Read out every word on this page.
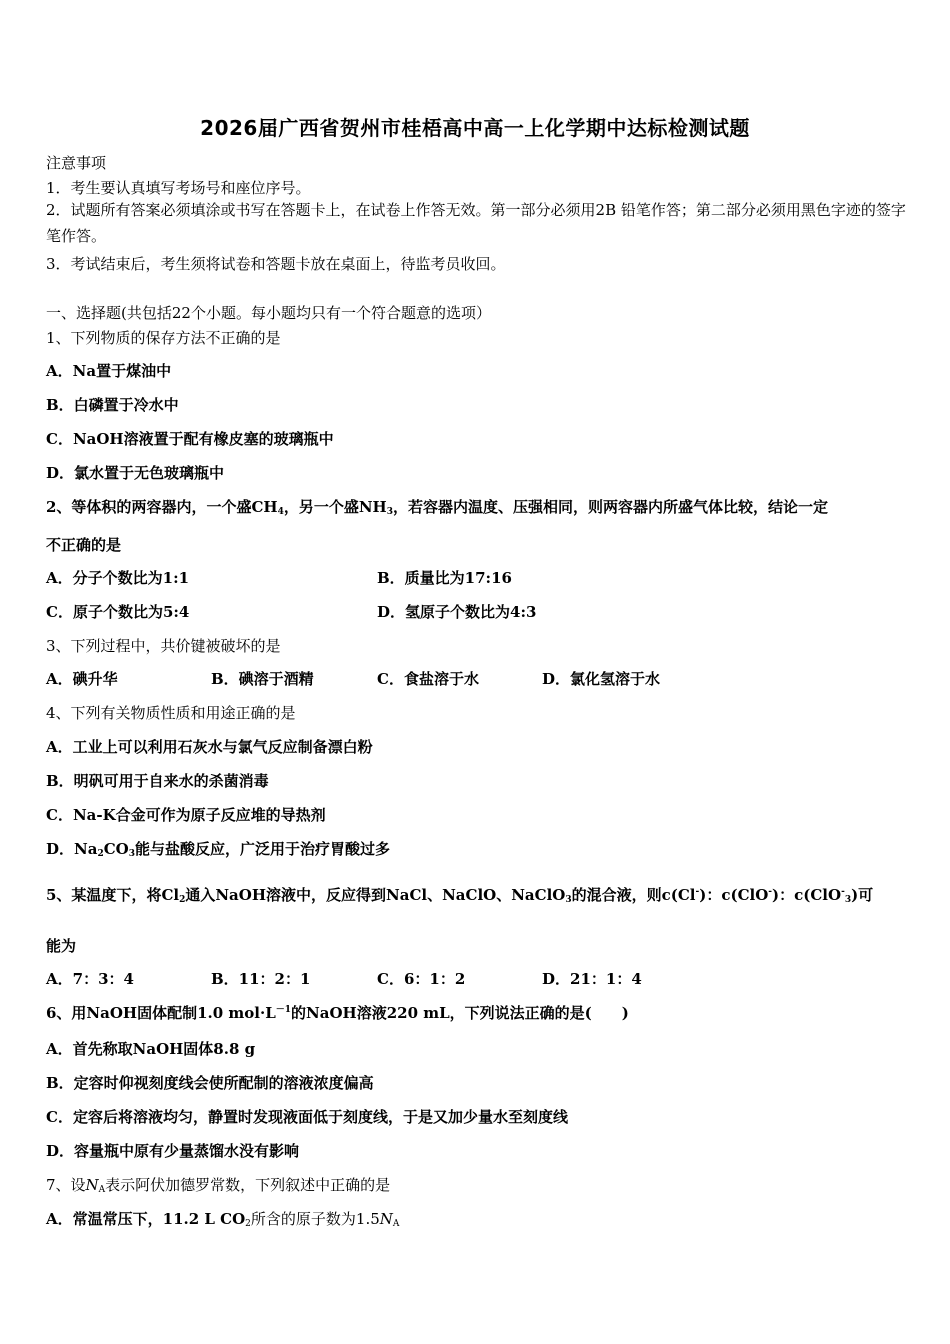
2026届广西省贺州市桂梧高中高一上化学期中达标检测试题
注意事项
1．考生要认真填写考场号和座位序号。
2．试题所有答案必须填涂或书写在答题卡上，在试卷上作答无效。第一部分必须用2B 铅笔作答；第二部分必须用黑色字迹的签字笔作答。
3．考试结束后，考生须将试卷和答题卡放在桌面上，待监考员收回。
一、选择题(共包括22个小题。每小题均只有一个符合题意的选项）
1、下列物质的保存方法不正确的是
A．Na置于煤油中
B．白磷置于冷水中
C．NaOH溶液置于配有橡皮塞的玻璃瓶中
D．氯水置于无色玻璃瓶中
2、等体积的两容器内，一个盛$CH_4$，另一个盛$NH_3$，若容器内温度、压强相同，则两容器内所盛气体比较，结论一定
不正确的是
A．分子个数比为1:1	B．质量比为17:16
C．原子个数比为5:4	D．氢原子个数比为4:3
3、下列过程中，共价键被破坏的是
A．碘升华	B．碘溶于酒精	C．食盐溶于水	D．氯化氢溶于水
4、下列有关物质性质和用途正确的是
A．工业上可以利用石灰水与氯气反应制备漂白粉
B．明矾可用于自来水的杀菌消毒
C．Na-K合金可作为原子反应堆的导热剂
D．$Na_2CO_3$能与盐酸反应，广泛用于治疗胃酸过多
5、某温度下，将$Cl_2$通入NaOH溶液中，反应得到NaCl、NaClO、NaClO$_3$的混合液，则c(Cl-)：c(ClO-)：c(ClO-$_3$)可
能为
A．7：3：4	B．11：2：1	C．6：1：2	D．21：1：4
6、用NaOH固体配制1.0 $mol\cdot L^{-1}$的NaOH溶液220 mL，下列说法正确的是(　　)
A．首先称取NaOH固体8.8 g
B．定容时仰视刻度线会使所配制的溶液浓度偏高
C．定容后将溶液均匀，静置时发现液面低于刻度线，于是又加少量水至刻度线
D．容量瓶中原有少量蒸馏水没有影响
7、设$N_A$表示阿伏加德罗常数，下列叙述中正确的是
A．常温常压下，11.2 L $CO_2$所含的原子数为$1.5N_A$
